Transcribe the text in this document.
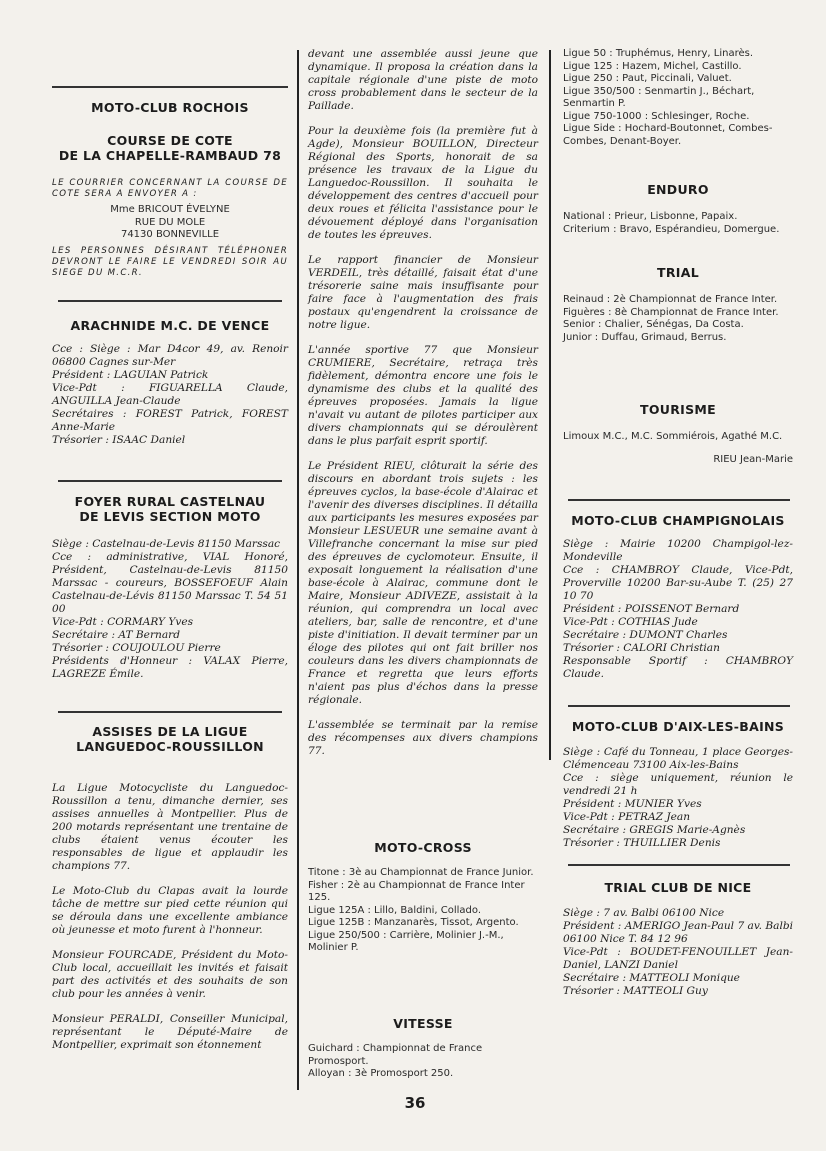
MOTO-CLUB ROCHOIS
COURSE DE COTE
DE LA CHAPELLE-RAMBAUD 78

LE COURRIER CONCERNANT LA COURSE DE COTE SERA A ENVOYER A :

Mme BRICOUT ÉVELYNE
RUE DU MOLE
74130 BONNEVILLE

LES PERSONNES DÉSIRANT TÉLÉPHONER DEVRONT LE FAIRE LE VENDREDI SOIR AU SIEGE DU M.C.R.

ARACHNIDE M.C. DE VENCE

Cce : Siège : Mar D4cor 49, av. Renoir 06800 Cagnes sur-Mer

Président : LAGUIAN Patrick

Vice-Pdt : FIGUARELLA Claude, ANGUILLA Jean-Claude

Secrétaires : FOREST Patrick, FOREST Anne-Marie

Trésorier : ISAAC Daniel

FOYER RURAL CASTELNAU
DE LEVIS SECTION MOTO

Siège : Castelnau-de-Levis 81150 Marssac

Cce : administrative, VIAL Honoré, Président, Castelnau-de-Levis 81150 Marssac - coureurs, BOSSEFOEUF Alain Castelnau-de-Lévis 81150 Marssac T. 54 51 00

Vice-Pdt : CORMARY Yves

Secrétaire : AT Bernard

Trésorier : COUJOULOU Pierre

Présidents d'Honneur : VALAX Pierre, LAGREZE Émile.

ASSISES DE LA LIGUE
LANGUEDOC-ROUSSILLON

La Ligue Motocycliste du Languedoc-Roussillon a tenu, dimanche dernier, ses assises annuelles à Montpellier. Plus de 200 motards représentant une trentaine de clubs étaient venus écouter les responsables de ligue et applaudir les champions 77.

Le Moto-Club du Clapas avait la lourde tâche de mettre sur pied cette réunion qui se déroula dans une excellente ambiance où jeunesse et moto furent à l'honneur.

Monsieur FOURCADE, Président du Moto-Club local, accueillait les invités et faisait part des activités et des souhaits de son club pour les années à venir.

Monsieur PERALDI, Conseiller Municipal, représentant le Député-Maire de Montpellier, exprimait son étonnement

devant une assemblée aussi jeune que dynamique. Il proposa la création dans la capitale régionale d'une piste de moto cross probablement dans le secteur de la Paillade.

Pour la deuxième fois (la première fut à Agde), Monsieur BOUILLON, Directeur Régional des Sports, honorait de sa présence les travaux de la Ligue du Languedoc-Roussillon. Il souhaita le développement des centres d'accueil pour deux roues et félicita l'assistance pour le dévouement déployé dans l'organisation de toutes les épreuves.

Le rapport financier de Monsieur VERDEIL, très détaillé, faisait état d'une trésorerie saine mais insuffisante pour faire face à l'augmentation des frais postaux qu'engendrent la croissance de notre ligue.

L'année sportive 77 que Monsieur CRUMIERE, Secrétaire, retraça très fidèlement, démontra encore une fois le dynamisme des clubs et la qualité des épreuves proposées. Jamais la ligue n'avait vu autant de pilotes participer aux divers championnats qui se déroulèrent dans le plus parfait esprit sportif.

Le Président RIEU, clôturait la série des discours en abordant trois sujets : les épreuves cyclos, la base-école d'Alairac et l'avenir des diverses disciplines. Il détailla aux participants les mesures exposées par Monsieur LESUEUR une semaine avant à Villefranche concernant la mise sur pied des épreuves de cyclomoteur. Ensuite, il exposait longuement la réalisation d'une base-école à Alairac, commune dont le Maire, Monsieur ADIVEZE, assistait à la réunion, qui comprendra un local avec ateliers, bar, salle de rencontre, et d'une piste d'initiation. Il devait terminer par un éloge des pilotes qui ont fait briller nos couleurs dans les divers championnats de France et regretta que leurs efforts n'aient pas plus d'échos dans la presse régionale.

L'assemblée se terminait par la remise des récompenses aux divers champions 77.

MOTO-CROSS

Titone : 3è au Championnat de France Junior.

Fisher : 2è au Championnat de France Inter 125.

Ligue 125A : Lillo, Baldini, Collado.

Ligue 125B : Manzanarès, Tissot, Argento.

Ligue 250/500 : Carrière, Molinier J.-M., Molinier P.

VITESSE

Guichard : Championnat de France Promosport.

Alloyan : 3è Promosport 250.

Ligue 50 : Truphémus, Henry, Linarès.

Ligue 125 : Hazem, Michel, Castillo.

Ligue 250 : Paut, Piccinali, Valuet.

Ligue 350/500 : Senmartin J., Béchart, Senmartin P.

Ligue 750-1000 : Schlesinger, Roche.

Ligue Side : Hochard-Boutonnet, Combes-Combes, Denant-Boyer.

ENDURO

National : Prieur, Lisbonne, Papaix.

Criterium : Bravo, Espérandieu, Domergue.

TRIAL

Reinaud : 2è Championnat de France Inter.

Figuères : 8è Championnat de France Inter.

Senior : Chalier, Sénégas, Da Costa.

Junior : Duffau, Grimaud, Berrus.

TOURISME

Limoux M.C., M.C. Sommiérois, Agathé M.C.

RIEU Jean-Marie
MOTO-CLUB CHAMPIGNOLAIS

Siège : Mairie 10200 Champigol-lez-Mondeville

Cce : CHAMBROY Claude, Vice-Pdt, Proverville 10200 Bar-su-Aube T. (25) 27 10 70

Président : POISSENOT Bernard

Vice-Pdt : COTHIAS Jude

Secrétaire : DUMONT Charles

Trésorier : CALORI Christian

Responsable Sportif : CHAMBROY Claude.

MOTO-CLUB D'AIX-LES-BAINS

Siège : Café du Tonneau, 1 place Georges-Clémenceau 73100 Aix-les-Bains

Cce : siège uniquement, réunion le vendredi 21 h

Président : MUNIER Yves

Vice-Pdt : PETRAZ Jean

Secrétaire : GREGIS Marie-Agnès

Trésorier : THUILLIER Denis

TRIAL CLUB DE NICE

Siège : 7 av. Balbi 06100 Nice

Président : AMERIGO Jean-Paul 7 av. Balbi 06100 Nice T. 84 12 96

Vice-Pdt : BOUDET-FENOUILLET Jean-Daniel, LANZI Daniel

Secrétaire : MATTEOLI Monique

Trésorier : MATTEOLI Guy

36
